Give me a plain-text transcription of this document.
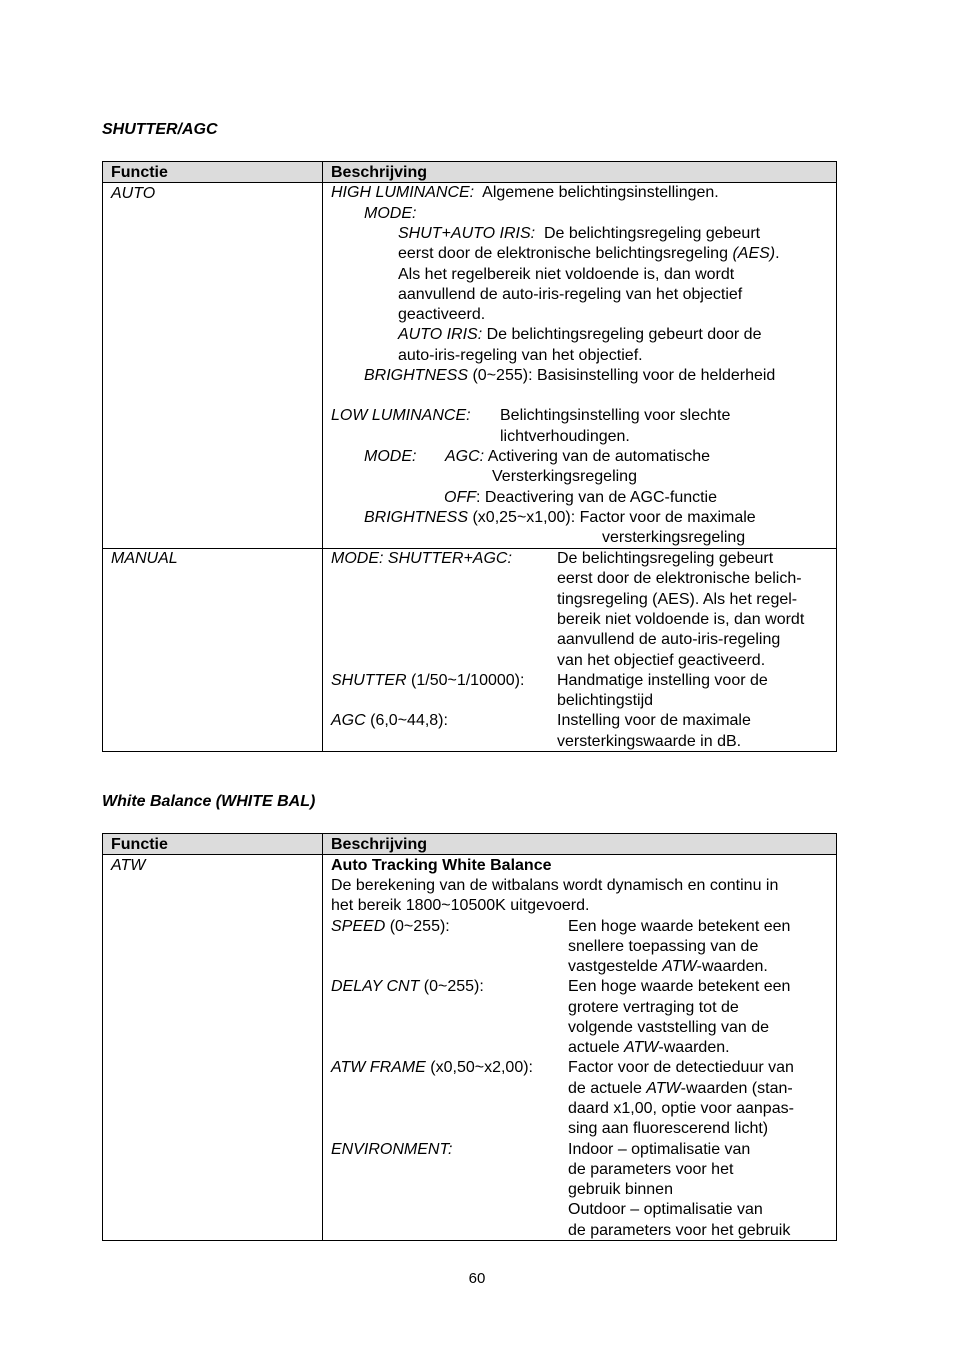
SHUTTER/AGC
Functie	Beschrijving
AUTO	HIGH LUMINANCE: Algemene belichtingsinstellingen.
MODE:
SHUT+AUTO IRIS: De belichtingsregeling gebeurt
eerst door de elektronische belichtingsregeling (AES).
Als het regelbereik niet voldoende is, dan wordt
aanvullend de auto-iris-regeling van het objectief
geactiveerd.
AUTO IRIS: De belichtingsregeling gebeurt door de
auto-iris-regeling van het objectief.
BRIGHTNESS (0~255): Basisinstelling voor de helderheid
LOW LUMINANCE: Belichtingsinstelling voor slechte
lichtverhoudingen.
MODE: AGC: Activering van de automatische
Versterkingsregeling
OFF: Deactivering van de AGC-functie
BRIGHTNESS (x0,25~x1,00): Factor voor de maximale
versterkingsregeling
MANUAL	MODE: SHUTTER+AGC:	De belichtingsregeling gebeurt
eerst door de elektronische belich-
tingsregeling (AES). Als het regel-
bereik niet voldoende is, dan wordt
aanvullend de auto-iris-regeling
van het objectief geactiveerd.
SHUTTER (1/50~1/10000): Handmatige instelling voor de
belichtingstijd
AGC (6,0~44,8):	Instelling voor de maximale
versterkingswaarde in dB.
White Balance (WHITE BAL)
Functie	Beschrijving
ATW	Auto Tracking White Balance
De berekening van de witbalans wordt dynamisch en continu in
het bereik 1800~10500K uitgevoerd.
SPEED (0~255):	Een hoge waarde betekent een
snellere toepassing van de
vastgestelde ATW-waarden.
DELAY CNT (0~255):	Een hoge waarde betekent een
grotere vertraging tot de
volgende vaststelling van de
actuele ATW-waarden.
ATW FRAME (x0,50~x2,00): Factor voor de detectieduur van
de actuele ATW-waarden (stan-
daard x1,00, optie voor aanpas-
sing aan fluorescerend licht)
ENVIRONMENT:	Indoor – optimalisatie van
de parameters voor het
gebruik binnen
Outdoor – optimalisatie van
de parameters voor het gebruik
60
